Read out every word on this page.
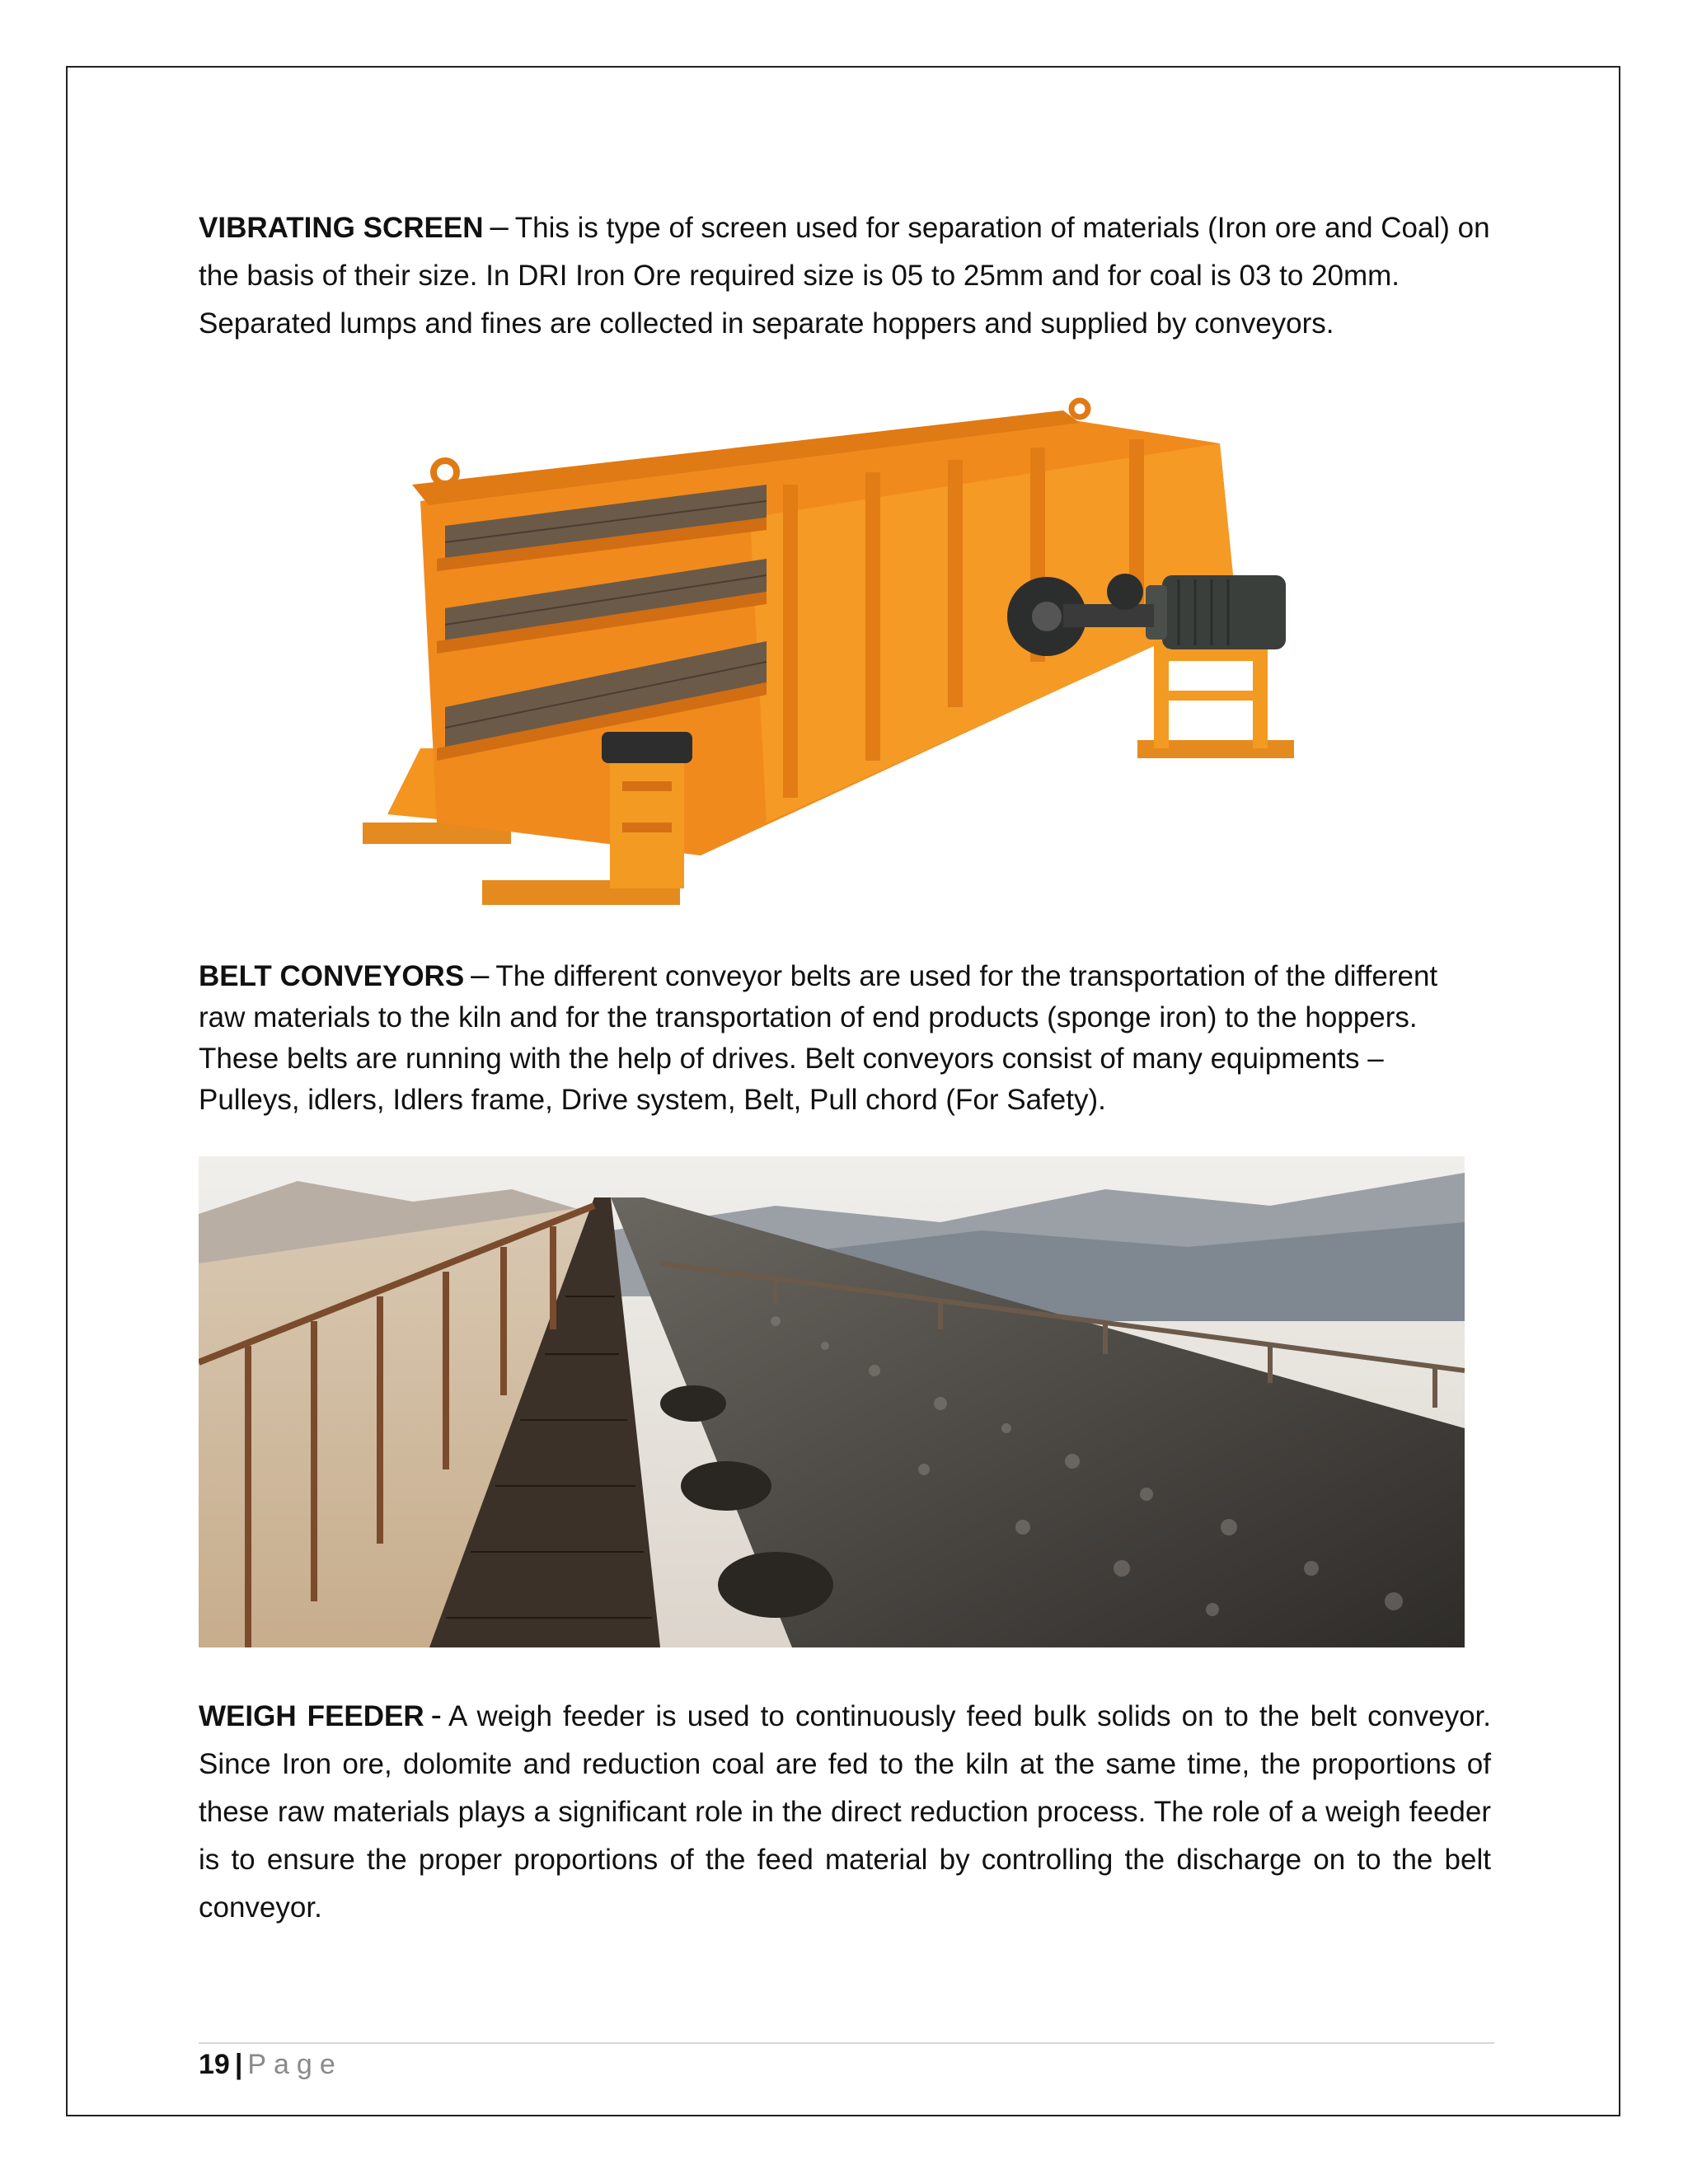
VIBRATING SCREEN – This is type of screen used for separation of materials (Iron ore and Coal) on the basis of their size. In DRI Iron Ore required size is 05 to 25mm and for coal is 03 to 20mm. Separated lumps and fines are collected in separate hoppers and supplied by conveyors.

BELT CONVEYORS – The different conveyor belts are used for the transportation of the different raw materials to the kiln and for the transportation of end products (sponge iron) to the hoppers. These belts are running with the help of drives. Belt conveyors consist of many equipments – Pulleys, idlers, Idlers frame, Drive system, Belt, Pull chord (For Safety).

WEIGH FEEDER - A weigh feeder is used to continuously feed bulk solids on to the belt conveyor. Since Iron ore, dolomite and reduction coal are fed to the kiln at the same time, the proportions of these raw materials plays a significant role in the direct reduction process. The role of a weigh feeder is to ensure the proper proportions of the feed material by controlling the discharge on to the belt conveyor.

19 | Page
